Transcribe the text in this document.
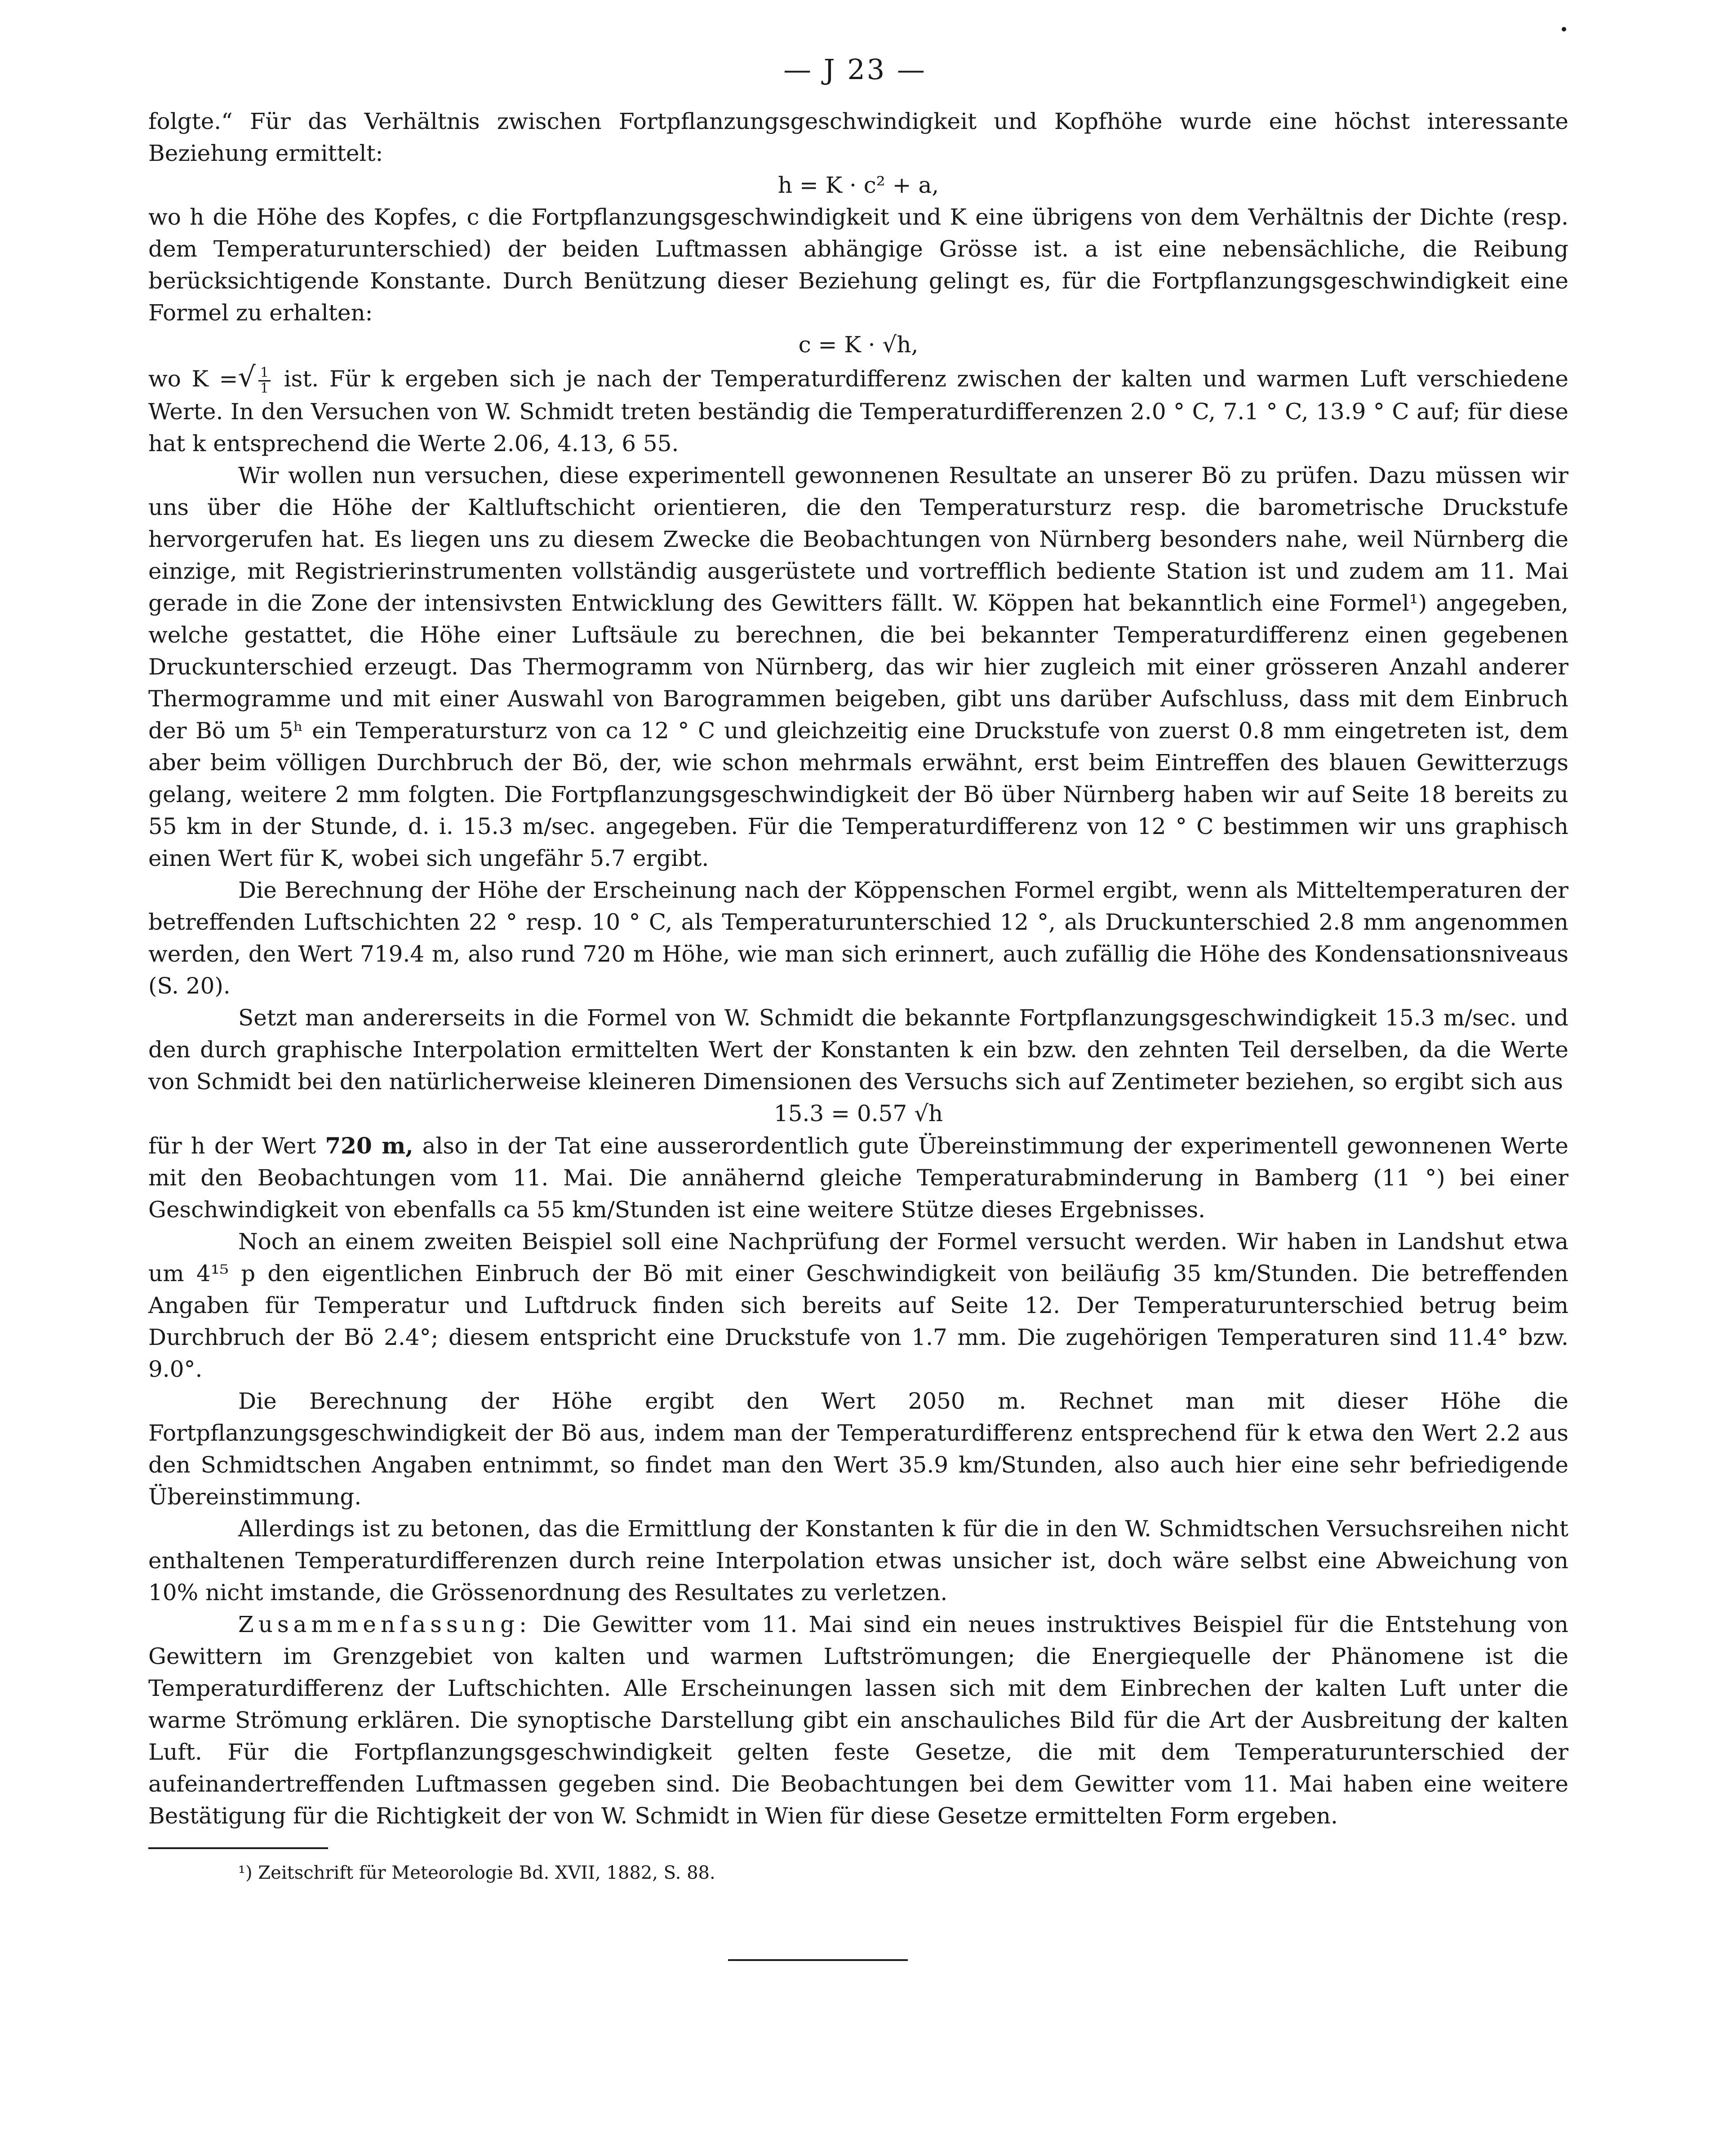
— J 23 —

folgte.“ Für das Verhältnis zwischen Fortpflanzungsgeschwindigkeit und Kopfhöhe wurde eine höchst interessante Beziehung ermittelt:

h = K · c² + a,

wo h die Höhe des Kopfes, c die Fortpflanzungsgeschwindigkeit und K eine übrigens von dem Verhältnis der Dichte (resp. dem Temperaturunterschied) der beiden Luftmassen abhängige Grösse ist. a ist eine nebensächliche, die Reibung berücksichtigende Konstante. Durch Benützung dieser Beziehung gelingt es, für die Fortpflanzungsgeschwindigkeit eine Formel zu erhalten:

c = K · √h,

wo K =√ $\frac{1}{1}$ ist. Für k ergeben sich je nach der Temperaturdifferenz zwischen der kalten und warmen Luft verschiedene Werte. In den Versuchen von W. Schmidt treten beständig die Temperaturdifferenzen 2.0 ° C, 7.1 ° C, 13.9 ° C auf; für diese hat k entsprechend die Werte 2.06, 4.13, 6 55.

Wir wollen nun versuchen, diese experimentell gewonnenen Resultate an unserer Bö zu prüfen. Dazu müssen wir uns über die Höhe der Kaltluftschicht orientieren, die den Temperatursturz resp. die barometrische Druckstufe hervorgerufen hat. Es liegen uns zu diesem Zwecke die Beobachtungen von Nürnberg besonders nahe, weil Nürnberg die einzige, mit Registrierinstrumenten vollständig ausgerüstete und vortrefflich bediente Station ist und zudem am 11. Mai gerade in die Zone der intensivsten Entwicklung des Gewitters fällt. W. Köppen hat bekanntlich eine Formel¹) angegeben, welche gestattet, die Höhe einer Luftsäule zu berechnen, die bei bekannter Temperaturdifferenz einen gegebenen Druckunterschied erzeugt. Das Thermogramm von Nürnberg, das wir hier zugleich mit einer grösseren Anzahl anderer Thermogramme und mit einer Auswahl von Barogrammen beigeben, gibt uns darüber Aufschluss, dass mit dem Einbruch der Bö um 5ʰ ein Temperatursturz von ca 12 ° C und gleichzeitig eine Druckstufe von zuerst 0.8 mm eingetreten ist, dem aber beim völligen Durchbruch der Bö, der, wie schon mehrmals erwähnt, erst beim Eintreffen des blauen Gewitterzugs gelang, weitere 2 mm folgten. Die Fortpflanzungsgeschwindigkeit der Bö über Nürnberg haben wir auf Seite 18 bereits zu 55 km in der Stunde, d. i. 15.3 m/sec. angegeben. Für die Temperaturdifferenz von 12 ° C bestimmen wir uns graphisch einen Wert für K, wobei sich ungefähr 5.7 ergibt.

Die Berechnung der Höhe der Erscheinung nach der Köppenschen Formel ergibt, wenn als Mitteltemperaturen der betreffenden Luftschichten 22 ° resp. 10 ° C, als Temperaturunterschied 12 °, als Druckunterschied 2.8 mm angenommen werden, den Wert 719.4 m, also rund 720 m Höhe, wie man sich erinnert, auch zufällig die Höhe des Kondensationsniveaus (S. 20).

Setzt man andererseits in die Formel von W. Schmidt die bekannte Fortpflanzungsgeschwindigkeit 15.3 m/sec. und den durch graphische Interpolation ermittelten Wert der Konstanten k ein bzw. den zehnten Teil derselben, da die Werte von Schmidt bei den natürlicherweise kleineren Dimensionen des Versuchs sich auf Zentimeter beziehen, so ergibt sich aus

15.3 = 0.57 √h

für h der Wert 720 m, also in der Tat eine ausserordentlich gute Übereinstimmung der experimentell gewonnenen Werte mit den Beobachtungen vom 11. Mai. Die annähernd gleiche Temperaturabminderung in Bamberg (11 °) bei einer Geschwindigkeit von ebenfalls ca 55 km/Stunden ist eine weitere Stütze dieses Ergebnisses.

Noch an einem zweiten Beispiel soll eine Nachprüfung der Formel versucht werden. Wir haben in Landshut etwa um 4¹⁵ p den eigentlichen Einbruch der Bö mit einer Geschwindigkeit von beiläufig 35 km/Stunden. Die betreffenden Angaben für Temperatur und Luftdruck finden sich bereits auf Seite 12. Der Temperaturunterschied betrug beim Durchbruch der Bö 2.4°; diesem entspricht eine Druckstufe von 1.7 mm. Die zugehörigen Temperaturen sind 11.4° bzw. 9.0°.

Die Berechnung der Höhe ergibt den Wert 2050 m. Rechnet man mit dieser Höhe die Fortpflanzungsgeschwindigkeit der Bö aus, indem man der Temperaturdifferenz entsprechend für k etwa den Wert 2.2 aus den Schmidtschen Angaben entnimmt, so findet man den Wert 35.9 km/Stunden, also auch hier eine sehr befriedigende Übereinstimmung.

Allerdings ist zu betonen, das die Ermittlung der Konstanten k für die in den W. Schmidtschen Versuchsreihen nicht enthaltenen Temperaturdifferenzen durch reine Interpolation etwas unsicher ist, doch wäre selbst eine Abweichung von 10% nicht imstande, die Grössenordnung des Resultates zu verletzen.

Zusammenfassung: Die Gewitter vom 11. Mai sind ein neues instruktives Beispiel für die Entstehung von Gewittern im Grenzgebiet von kalten und warmen Luftströmungen; die Energiequelle der Phänomene ist die Temperaturdifferenz der Luftschichten. Alle Erscheinungen lassen sich mit dem Einbrechen der kalten Luft unter die warme Strömung erklären. Die synoptische Darstellung gibt ein anschauliches Bild für die Art der Ausbreitung der kalten Luft. Für die Fortpflanzungsgeschwindigkeit gelten feste Gesetze, die mit dem Temperaturunterschied der aufeinandertreffenden Luftmassen gegeben sind. Die Beobachtungen bei dem Gewitter vom 11. Mai haben eine weitere Bestätigung für die Richtigkeit der von W. Schmidt in Wien für diese Gesetze ermittelten Form ergeben.

¹) Zeitschrift für Meteorologie Bd. XVII, 1882, S. 88.
